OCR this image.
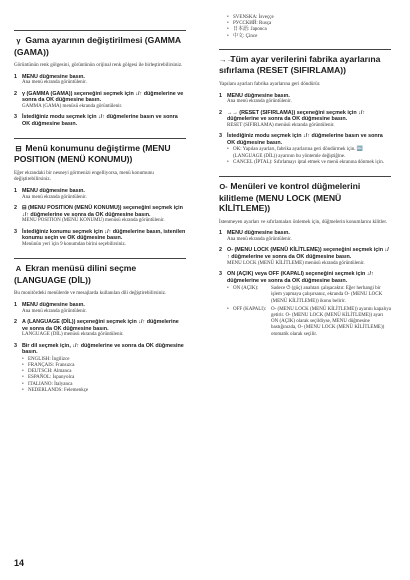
γ Gama ayarının değiştirilmesi (GAMMA (GAMA))

Görüntünün renk gölgesini, görüntünün orijinal renk gölgesi ile birleştirebilirsiniz.

1 MENU düğmesine basın.
Ana menü ekranda görüntülenir.
2 γ (GAMMA (GAMA)) seçeneğini seçmek için ↓/↑ düğmelerine ve sonra da OK düğmesine basın.
GAMMA (GAMA) menüsü ekranda görüntülenir.
3 İstediğiniz modu seçmek için ↓/↑ düğmelerine basın ve sonra OK düğmesine basın.
⊟ Menü konumunu değiştirme (MENU POSITION (MENÜ KONUMU))

Eğer ekrandaki bir nesneyi görmenizi engelliyorsa, menü konumunu değiştirebilirsiniz.

1 MENU düğmesine basın.
Ana menü ekranda görüntülenir.
2 ⊟ (MENU POSITION (MENÜ KONUMU)) seçeneğini seçmek için ↓/↑ düğmelerine ve sonra da OK düğmesine basın.
MENU POSITION (MENÜ KONUMU) menüsü ekranda görüntülenir.
3 İstediğiniz konumu seçmek için ↓/↑ düğmelerine basın, istenilen konumu seçin ve OK düğmesine basın.
Menünün yeri için 9 konumdan birini seçebilirsiniz.
A Ekran menüsü dilini seçme (LANGUAGE (DİL))

Bu monitördeki menülerde ve mesajlarda kullanılan dili değiştirebilirsiniz.

1 MENU düğmesine basın.
Ana menü ekranda görüntülenir.
2 A (LANGUAGE (DİL)) seçeneğini seçmek için ↓/↑ düğmelerine ve sonra da OK düğmesine basın.
LANGUAGE (DİL) menüsü ekranda görüntülenir.
3 Bir dil seçmek için, ↓/↑ düğmelerine ve sonra da OK düğmesine basın.
• ENGLISH: İngilizce
• FRANÇAIS: Fransızca
• DEUTSCH: Almanca
• ESPAÑOL: İspanyolca
• ITALIANO: İtalyanca
• NEDERLANDS: Felemenkçe
• SVENSKA: İsveççe
• РУССКИЙ: Rusça
• 日本語: Japonca
• 中文: Çince
→→ Tüm ayar verilerini fabrika ayarlarına sıfırlama (RESET (SIFIRLAMA))

Yapılanı ayarları fabrika ayarlarına geri döndürür.

1 MENU düğmesine basın.
Ana menü ekranda görüntülenir.
2 →→ (RESET (SIFIRLAMA)) seçeneğini seçmek için ↓/↑ düğmelerine ve sonra da OK düğmesine basın.
RESET (SIFIRLAMA) menüsü ekranda görüntülenir.
3 İstediğiniz modu seçmek için ↓/↑ düğmelerine basın ve sonra OK düğmesine basın.
• OK: Yapılan ayarları, fabrika ayarlarına geri döndürmek için. 🔤 (LANGUAGE (DİL)) ayarının bu yöntemle değiştiğine.
• CANCEL (İPTAL): Sıfırlamayı iptal etmek ve menü ekranına dönmek için.
O- Menüleri ve kontrol düğmelerini kilitleme (MENU LOCK (MENÜ KİLİTLEME))

İstenmeyen ayarları ve sıfırlamaları önlemek için, düğmelerin konumlarını kilitler.

1 MENU düğmesine basın.
Ana menü ekranda görüntülenir.
2 O- (MENU LOCK (MENÜ KİLİTLEME)) seçeneğini seçmek için ↓/↑ düğmelerine ve sonra da OK düğmesine basın.
MENU LOCK (MENÜ KİLİTLEME) menüsü ekranda görüntülenir.
3 ON (AÇIK) veya OFF (KAPALI) seçeneğini seçmek için ↓/↑ düğmelerine ve sonra da OK düğmesine basın.
• ON (AÇIK):	Sadece ⏻ (güç) anahtarı çalışacaktır. Eğer herhangi bir işlem yapmaya çalışırsanız, ekranda O- (MENU LOCK (MENÜ KİLİTLEME)) ikonu belirir.
• OFF (KAPALI): O- (MENU LOCK (MENÜ KİLİTLEME)) ayarını kapalıya getirir. O- (MENU LOCK (MENÜ KİLİTLEME)) ayarı ON (AÇIK) olarak seçildiyse, MENU düğmesine bastığınızda, O- (MENU LOCK (MENÜ KİLİTLEME)) otomatik olarak seçilir.
14
